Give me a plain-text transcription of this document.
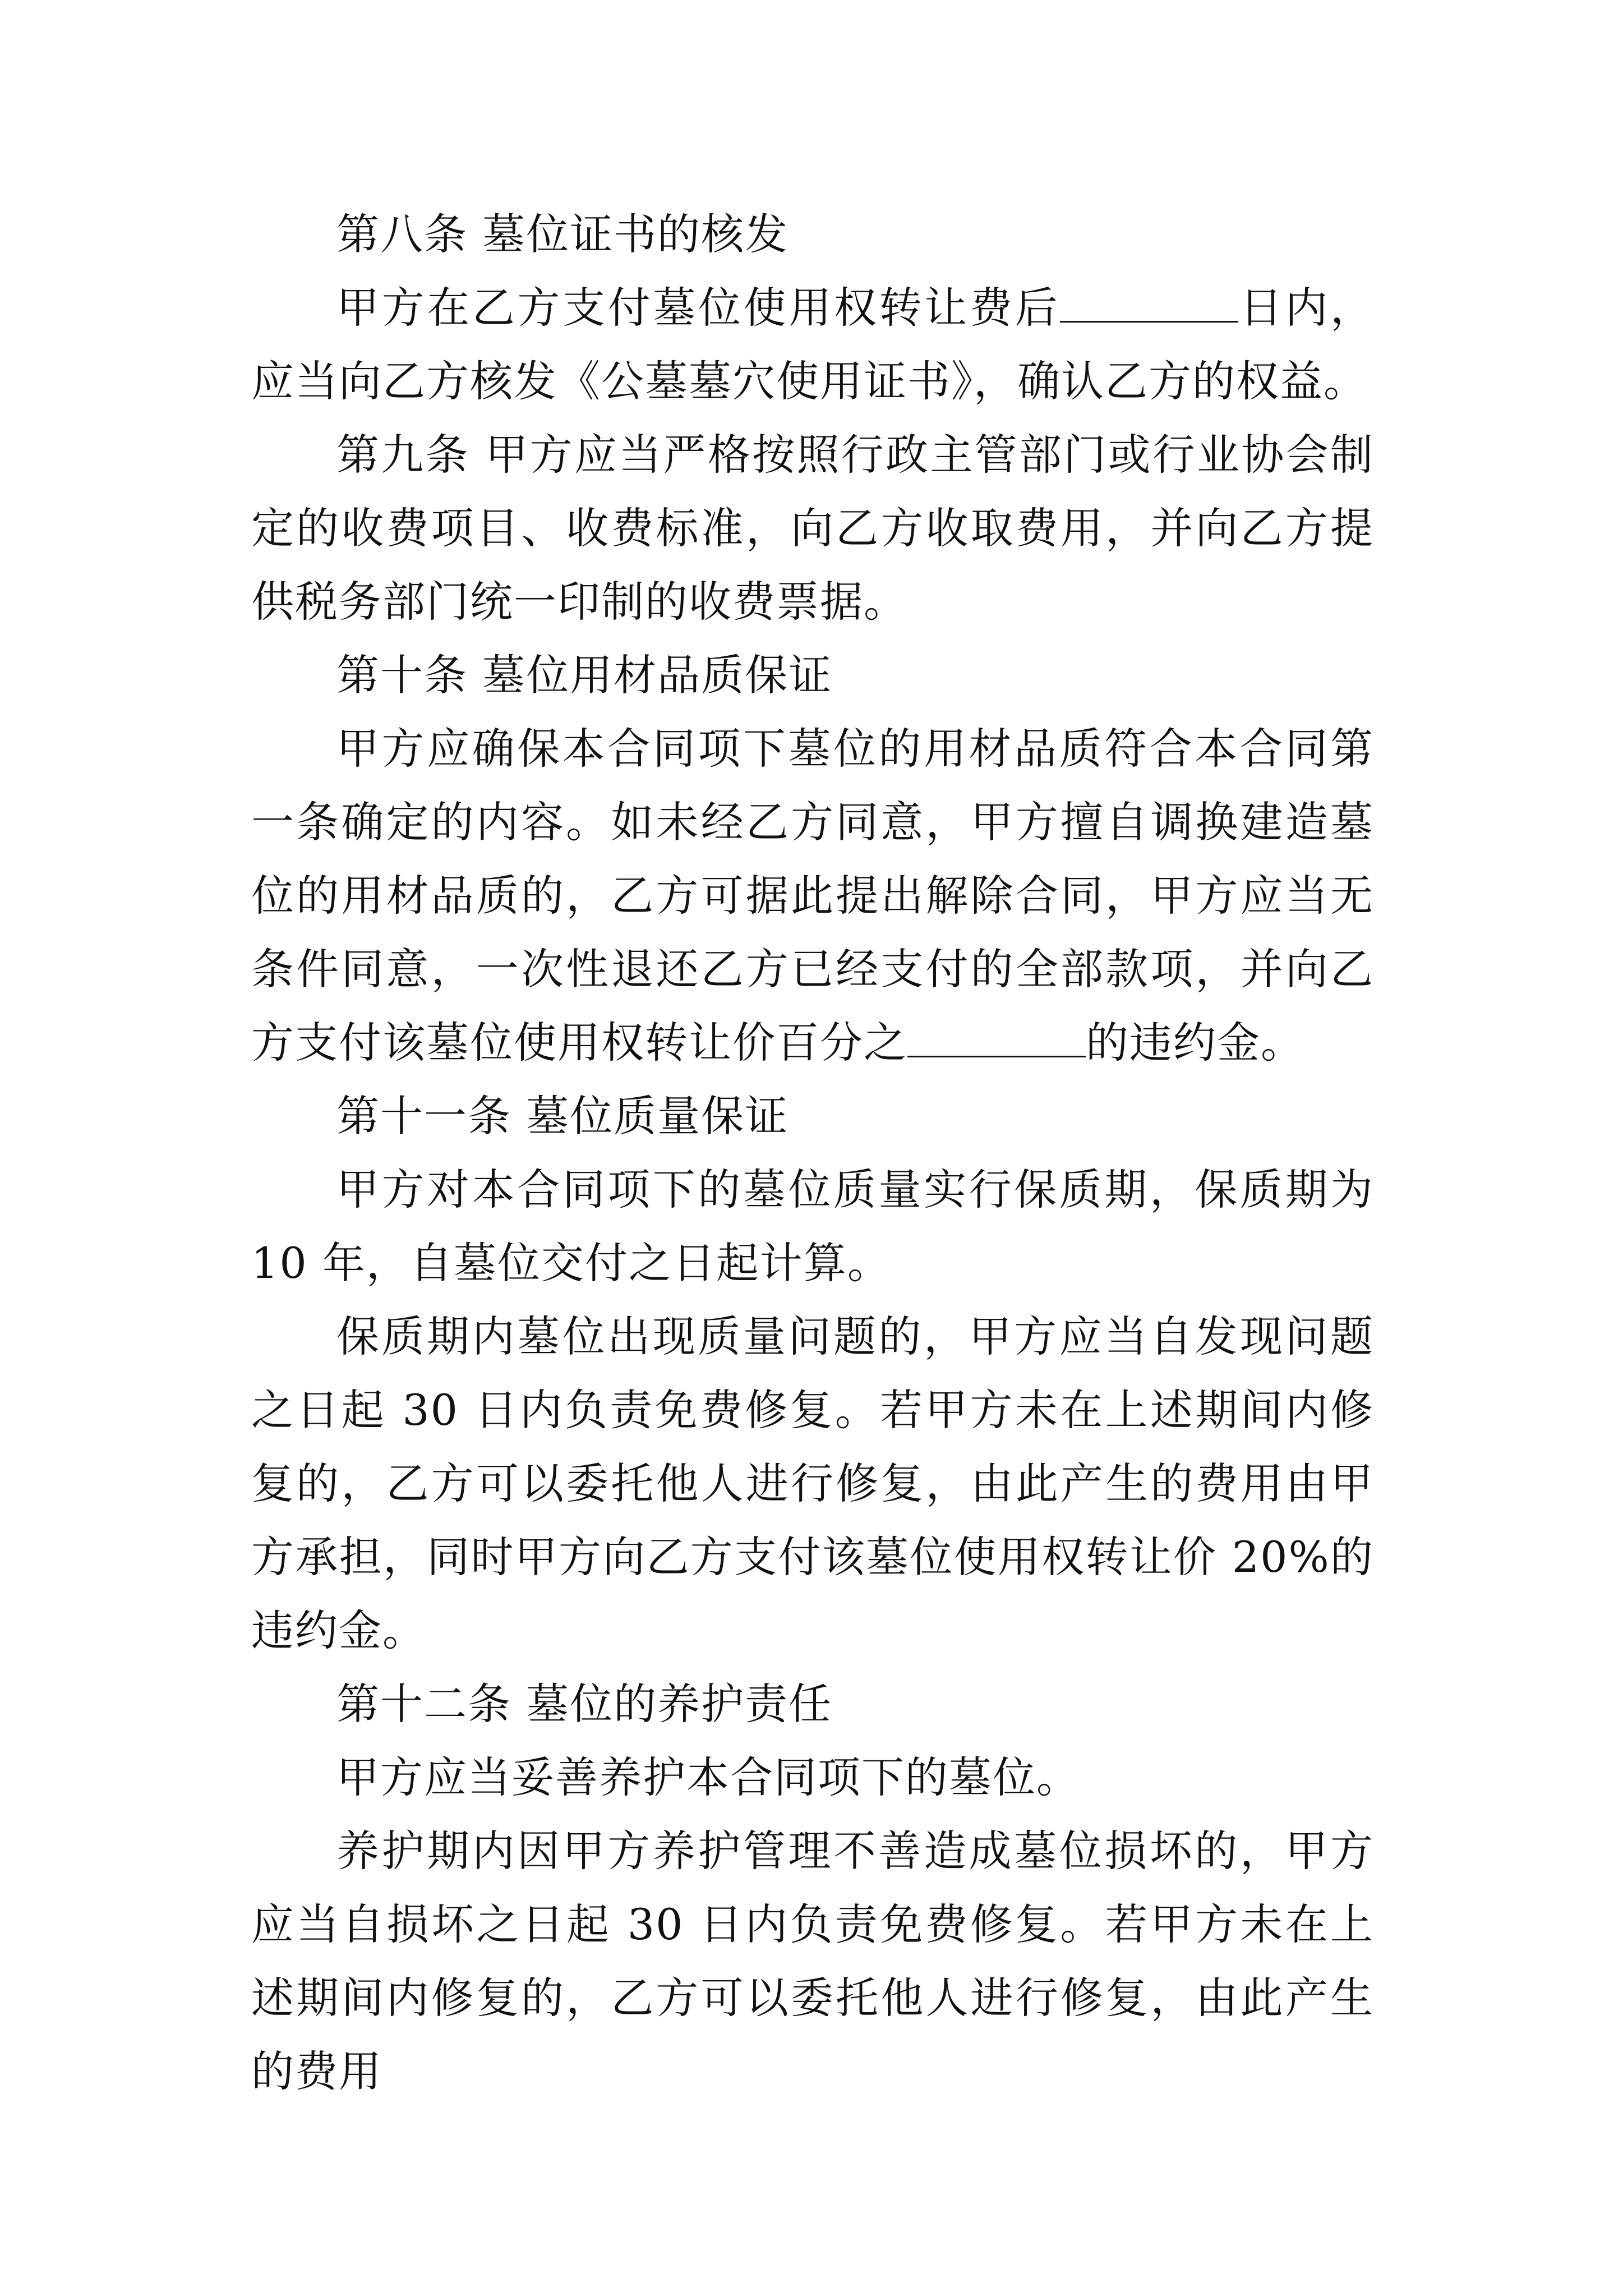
第八条 墓位证书的核发

甲方在乙方支付墓位使用权转让费后	日内，应当向乙方核发《公墓墓穴使用证书》，确认乙方的权益。

第九条 甲方应当严格按照行政主管部门或行业协会制定的收费项目、收费标准，向乙方收取费用，并向乙方提供税务部门统一印制的收费票据。

第十条 墓位用材品质保证

甲方应确保本合同项下墓位的用材品质符合本合同第一条确定的内容。如未经乙方同意，甲方擅自调换建造墓位的用材品质的，乙方可据此提出解除合同，甲方应当无条件同意，一次性退还乙方已经支付的全部款项，并向乙方支付该墓位使用权转让价百分之	的违约金。

第十一条 墓位质量保证

甲方对本合同项下的墓位质量实行保质期，保质期为 10 年，自墓位交付之日起计算。

保质期内墓位出现质量问题的，甲方应当自发现问题之日起 30 日内负责免费修复。若甲方未在上述期间内修复的，乙方可以委托他人进行修复，由此产生的费用由甲方承担，同时甲方向乙方支付该墓位使用权转让价 20%的违约金。

第十二条 墓位的养护责任

甲方应当妥善养护本合同项下的墓位。

养护期内因甲方养护管理不善造成墓位损坏的，甲方应当自损坏之日起 30 日内负责免费修复。若甲方未在上述期间内修复的，乙方可以委托他人进行修复，由此产生的费用
